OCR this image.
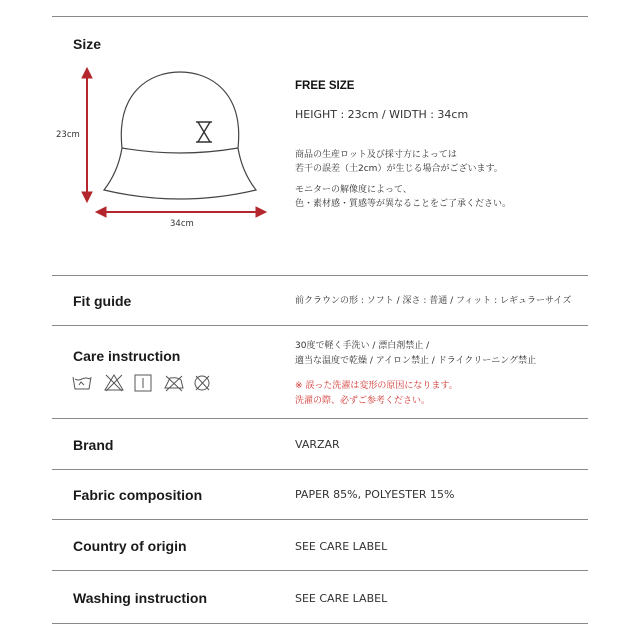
Size
23cm
34cm
FREE SIZE
HEIGHT : 23cm / WIDTH : 34cm
商品の生産ロット及び採寸方によっては
若干の誤差（土2cm）が生じる場合がございます。
モニターの解像度によって、
色・素材感・質感等が異なることをご了承ください。
Fit guide	前クラウンの形 : ソフト / 深さ : 普通 / フィット : レギュラーサイズ
Care instruction
30度で軽く手洗い / 漂白剤禁止 /
適当な温度で乾燥 / アイロン禁止 / ドライクリーニング禁止
※ 誤った洗濯は変形の原因になります。
洗濯の際、必ずご参考ください。
Brand	VARZAR
Fabric composition	PAPER 85%, POLYESTER 15%
Country of origin	SEE CARE LABEL
Washing instruction	SEE CARE LABEL
